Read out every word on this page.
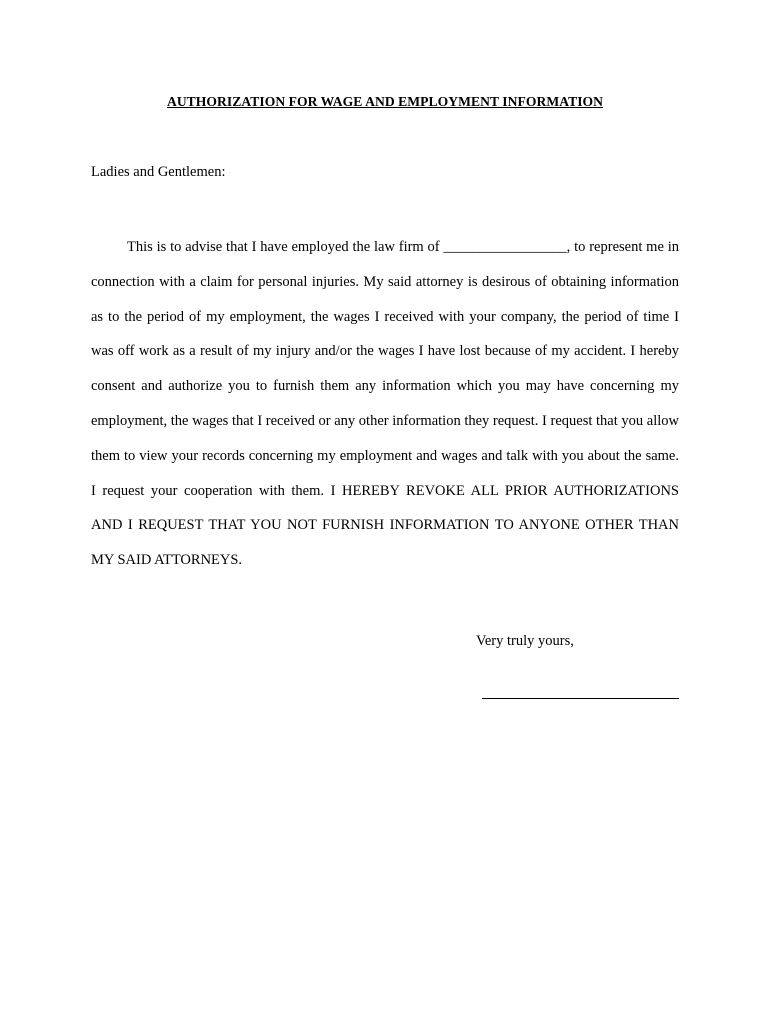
AUTHORIZATION FOR WAGE AND EMPLOYMENT INFORMATION
Ladies and Gentlemen:

This is to advise that I have employed the law firm of _________________, to represent me in connection with a claim for personal injuries. My said attorney is desirous of obtaining information as to the period of my employment, the wages I received with your company, the period of time I was off work as a result of my injury and/or the wages I have lost because of my accident. I hereby consent and authorize you to furnish them any information which you may have concerning my employment, the wages that I received or any other information they request. I request that you allow them to view your records concerning my employment and wages and talk with you about the same. I request your cooperation with them. I HEREBY REVOKE ALL PRIOR AUTHORIZATIONS AND I REQUEST THAT YOU NOT FURNISH INFORMATION TO ANYONE OTHER THAN MY SAID ATTORNEYS.

Very truly yours,
